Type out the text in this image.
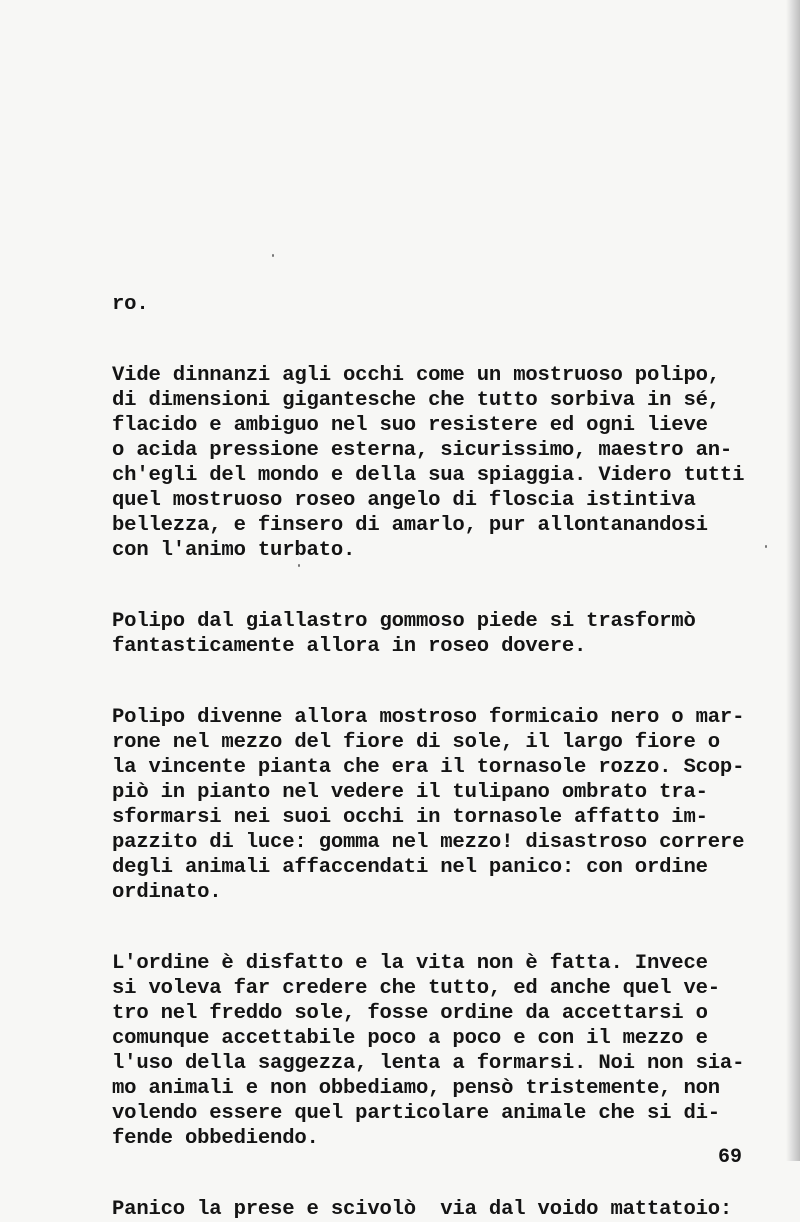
ro.
Vide dinnanzi agli occhi come un mostruoso polipo,
di dimensioni gigantesche che tutto sorbiva in sé,
flacido e ambiguo nel suo resistere ed ogni lieve
o acida pressione esterna, sicurissimo, maestro an-
ch'egli del mondo e della sua spiaggia. Videro tutti
quel mostruoso roseo angelo di floscia istintiva
bellezza, e finsero di amarlo, pur allontanandosi
con l'animo turbato.
Polipo dal giallastro gommoso piede si trasformò
fantasticamente allora in roseo dovere.
Polipo divenne allora mostroso formicaio nero o mar-
rone nel mezzo del fiore di sole, il largo fiore o
la vincente pianta che era il tornasole rozzo. Scop-
piò in pianto nel vedere il tulipano ombrato tra-
sformarsi nei suoi occhi in tornasole affatto im-
pazzito di luce: gomma nel mezzo! disastroso correre
degli animali affaccendati nel panico: con ordine
ordinato.
L'ordine è disfatto e la vita non è fatta. Invece
si voleva far credere che tutto, ed anche quel ve-
tro nel freddo sole, fosse ordine da accettarsi o
comunque accettabile poco a poco e con il mezzo e
l'uso della saggezza, lenta a formarsi. Noi non sia-
mo animali e non obbediamo, pensò tristemente, non
volendo essere quel particolare animale che si di-
fende obbediendo.
Panico la prese e scivolò  via dal voido mattatoio:
69
